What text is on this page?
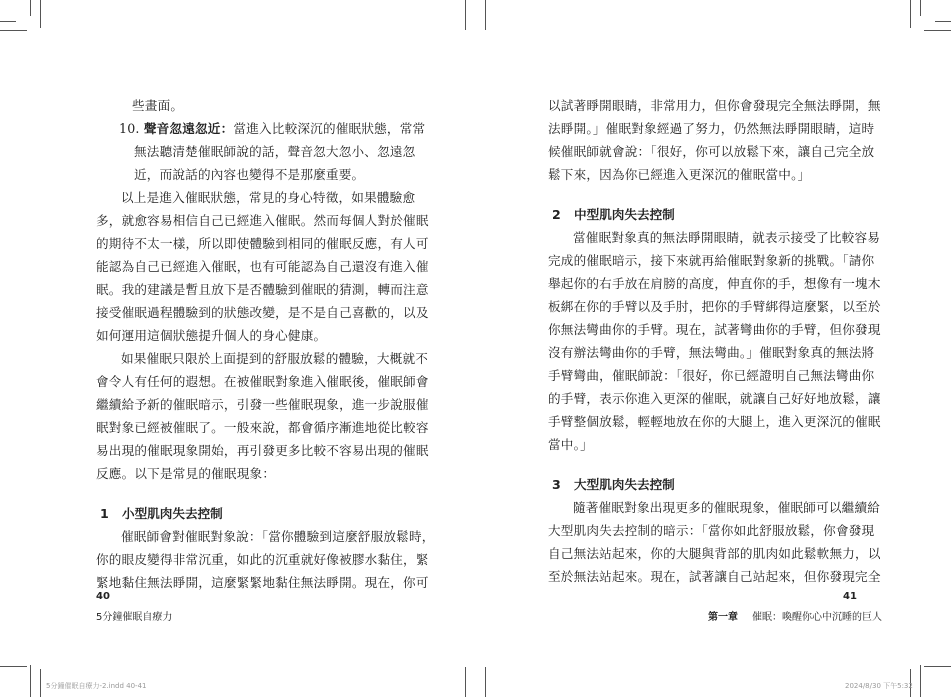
些畫面。

10. 聲音忽遠忽近：當進入比較深沉的催眠狀態，常常

無法聽清楚催眠師說的話，聲音忽大忽小、忽遠忽

近，而說話的內容也變得不是那麼重要。

以上是進入催眠狀態，常見的身心特徵，如果體驗愈

多，就愈容易相信自己已經進入催眠。然而每個人對於催眠

的期待不太一樣，所以即使體驗到相同的催眠反應，有人可

能認為自己已經進入催眠，也有可能認為自己還沒有進入催

眠。我的建議是暫且放下是否體驗到催眠的猜測，轉而注意

接受催眠過程體驗到的狀態改變，是不是自己喜歡的，以及

如何運用這個狀態提升個人的身心健康。

如果催眠只限於上面提到的舒服放鬆的體驗，大概就不

會令人有任何的遐想。在被催眠對象進入催眠後，催眠師會

繼續給予新的催眠暗示，引發一些催眠現象，進一步說服催

眠對象已經被催眠了。一般來說，都會循序漸進地從比較容

易出現的催眠現象開始，再引發更多比較不容易出現的催眠

反應。以下是常見的催眠現象：

1 小型肌肉失去控制

催眠師會對催眠對象說：「當你體驗到這麼舒服放鬆時，

你的眼皮變得非常沉重，如此的沉重就好像被膠水黏住，緊

緊地黏住無法睜開，這麼緊緊地黏住無法睜開。現在，你可

40
5分鐘催眠自療力

以試著睜開眼睛，非常用力，但你會發現完全無法睜開，無

法睜開。」催眠對象經過了努力，仍然無法睜開眼睛，這時

候催眠師就會說：「很好，你可以放鬆下來，讓自己完全放

鬆下來，因為你已經進入更深沉的催眠當中。」

2 中型肌肉失去控制

當催眠對象真的無法睜開眼睛，就表示接受了比較容易

完成的催眠暗示，接下來就再給催眠對象新的挑戰。「請你

舉起你的右手放在肩膀的高度，伸直你的手，想像有一塊木

板綁在你的手臂以及手肘，把你的手臂綁得這麼緊，以至於

你無法彎曲你的手臂。現在，試著彎曲你的手臂，但你發現

沒有辦法彎曲你的手臂，無法彎曲。」催眠對象真的無法將

手臂彎曲，催眠師說：「很好，你已經證明自己無法彎曲你

的手臂，表示你進入更深的催眠，就讓自己好好地放鬆，讓

手臂整個放鬆，輕輕地放在你的大腿上，進入更深沉的催眠

當中。」

3 大型肌肉失去控制

隨著催眠對象出現更多的催眠現象，催眠師可以繼續給

大型肌肉失去控制的暗示：「當你如此舒服放鬆，你會發現

自己無法站起來，你的大腿與背部的肌肉如此鬆軟無力，以

至於無法站起來。現在，試著讓自己站起來，但你發現完全

41
第一章 催眠：喚醒你心中沉睡的巨人
5分鐘催眠自療力-2.indd 40-41	2024/8/30 下午5:32
